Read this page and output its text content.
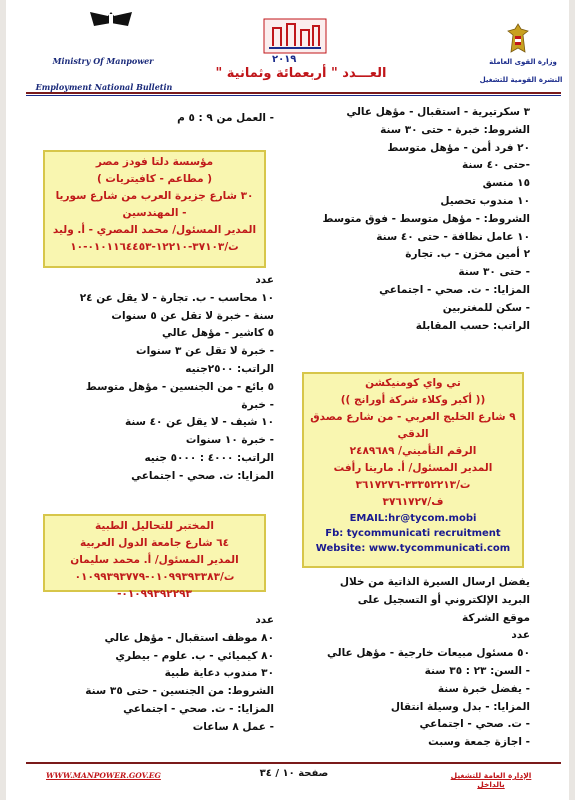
Ministry Of Manpower
Employment National Bulletin
٢٠١٩
العـــدد " أربعمائة وثمانية "
وزارة القوى العاملة
النشرة القومية للتشغيل
٣ سكرتيرية - استقبال - مؤهل عالي
الشروط: خبرة - حتى ٣٠ سنة
٢٠ فرد أمن - مؤهل متوسط
-حتى ٤٠ سنة
١٥ منسق
١٠ مندوب تحصيل
الشروط: - مؤهل متوسط - فوق متوسط
١٠ عامل نظافة - حتى ٤٠ سنة
٢ أمين مخزن - ب. تجارة
- حتى ٣٠ سنة
المزايا: - ت. صحي - اجتماعي
- سكن للمغتربين
الراتب: حسب المقابلة
تي واي كومنيكشن
(( أكبر وكلاء شركة أورانج ))
٩ شارع الخليج العربي - من شارع مصدق
الدقي
الرقم التأميني/ ٢٤٨٩٦٨٩
المدير المسئول/ أ. مارينا رأفت
ت/٣٣٣٥٢٢١٣-٣٦١٧٢٧٦
ف/٣٧٦١٧٢٧
EMAIL:hr@tycom.mobi
Fb: tycommunicati recruitment
Website: www.tycommunicati.com
يفضل ارسال السيرة الذاتية من خلال
البريد الإلكتروني أو التسجيل على
موقع الشركة
عدد
٥٠ مسئول مبيعات خارجية - مؤهل عالي
- السن: ٢٣ : ٣٥ سنة
- يفضل خبرة سنة
المزايا: - بدل وسيلة انتقال
- ت. صحي - اجتماعي
- اجازة جمعة وسبت
- العمل من ٩ : ٥ م
مؤسسة دلتا فودز مصر
( مطاعم - كافيتريات )
٣٠ شارع جزيرة العرب من شارع سوريا
- المهندسين
المدير المسئول/ محمد المصري - أ. وليد
ت/٣٧١٠٣-١٢٢١٠-٠١٠١١٦٤٤٥٣-١٠
عدد
١٠ محاسب - ب. تجارة - لا يقل عن ٢٤
سنة - خبرة لا تقل عن ٥ سنوات
٥ كاشير - مؤهل عالي
- خبرة لا تقل عن ٣ سنوات
الراتب: ٢٥٠٠جنيه
٥ بائع - من الجنسين - مؤهل متوسط
- خبرة
١٠ شيف - لا يقل عن ٤٠ سنة
- خبرة ١٠ سنوات
الراتب: ٤٠٠٠ : ٥٠٠٠ جنيه
المزايا: ت. صحي - اجتماعي
المختبر للتحاليل الطبية
٦٤ شارع جامعة الدول العربية
المدير المسئول/ أ. محمد سليمان
ت/٠١٠٩٩٣٩٣٣٨٣-٠١٠٩٩٣٩٣٧٧٩
٠١٠٩٩٣٩٢٢٩٣-
عدد
٨٠ موظف استقبال - مؤهل عالي
٨٠ كيميائي - ب. علوم - بيطري
٣٠ مندوب دعاية طبية
الشروط: من الجنسين - حتى ٣٥ سنة
المزايا: - ت. صحي - اجتماعي
- عمل ٨ ساعات
WWW.MANPOWER.GOV.EG	صفحة ١٠ / ٣٤	الإدارة العامة للتشغيل بالداخل
